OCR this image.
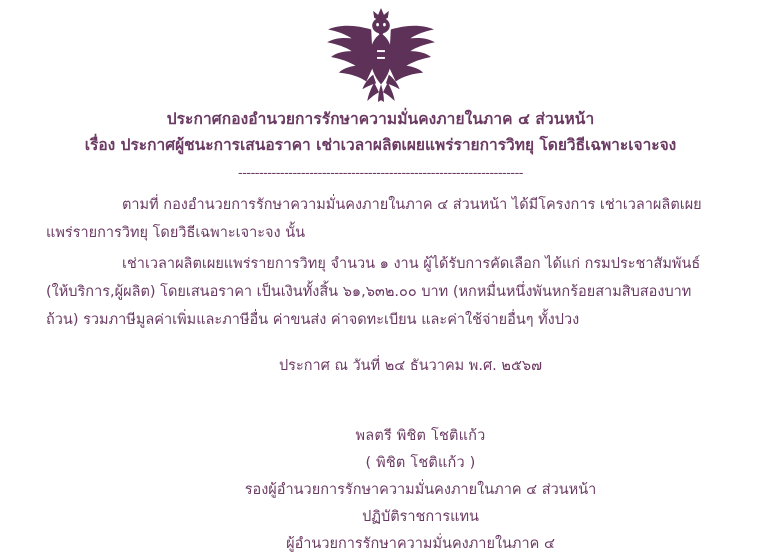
ประกาศกองอำนวยการรักษาความมั่นคงภายในภาค ๔ ส่วนหน้า
เรื่อง ประกาศผู้ชนะการเสนอราคา เช่าเวลาผลิตเผยแพร่รายการวิทยุ โดยวิธีเฉพาะเจาะจง
--------------------------------------------------------------------
ตามที่ กองอำนวยการรักษาความมั่นคงภายในภาค ๔ ส่วนหน้า ได้มีโครงการ เช่าเวลาผลิตเผยแพร่รายการวิทยุ โดยวิธีเฉพาะเจาะจง นั้น
เช่าเวลาผลิตเผยแพร่รายการวิทยุ จำนวน ๑ งาน ผู้ได้รับการคัดเลือก ได้แก่ กรมประชาสัมพันธ์ (ให้บริการ,ผู้ผลิต) โดยเสนอราคา เป็นเงินทั้งสิ้น ๖๑,๖๓๒.๐๐ บาท (หกหมื่นหนึ่งพันหกร้อยสามสิบสองบาทถ้วน) รวมภาษีมูลค่าเพิ่มและภาษีอื่น ค่าขนส่ง ค่าจดทะเบียน และค่าใช้จ่ายอื่นๆ ทั้งปวง
ประกาศ ณ วันที่ ๒๔ ธันวาคม พ.ศ. ๒๕๖๗
พลตรี พิชิต โชติแก้ว
( พิชิต โชติแก้ว )
รองผู้อำนวยการรักษาความมั่นคงภายในภาค ๔ ส่วนหน้า
ปฏิบัติราชการแทน
ผู้อำนวยการรักษาความมั่นคงภายในภาค ๔
